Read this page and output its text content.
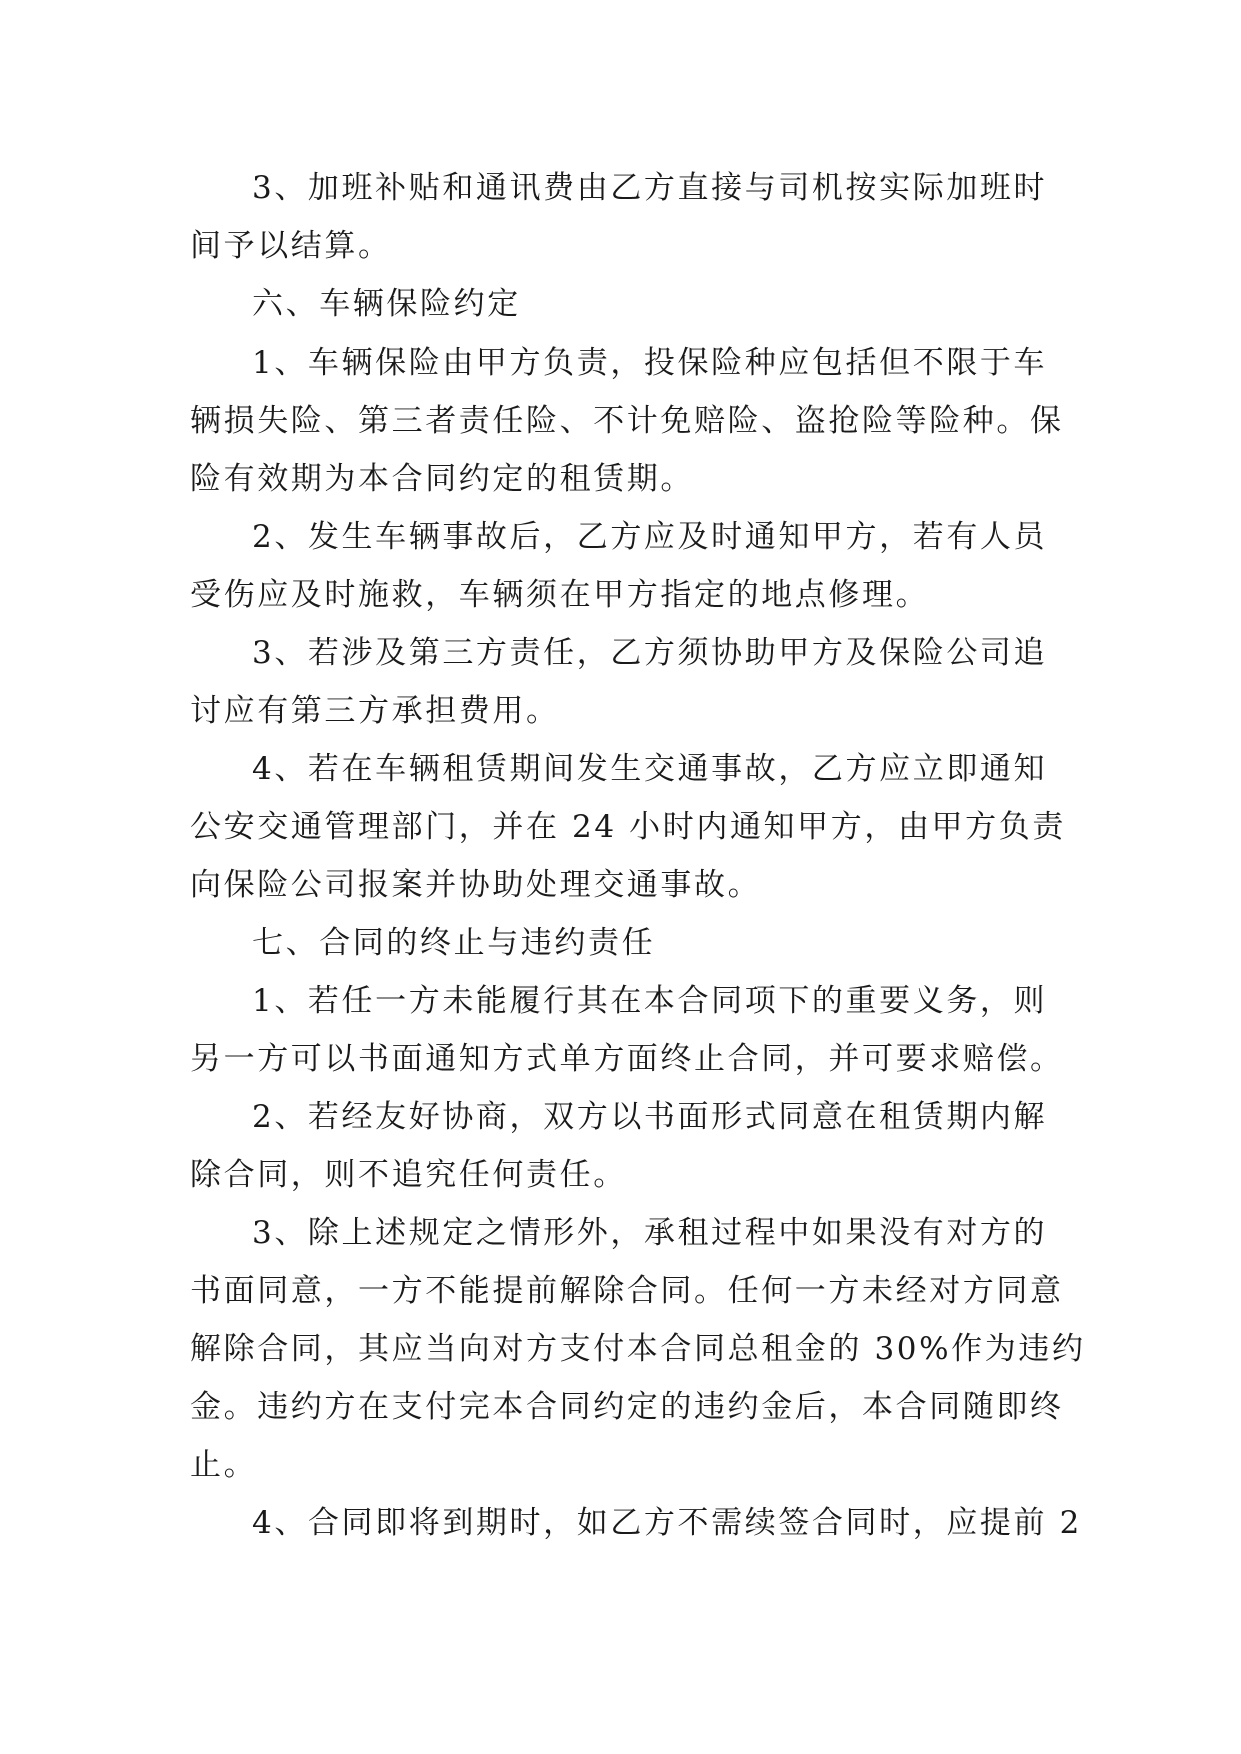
3、加班补贴和通讯费由乙方直接与司机按实际加班时
间予以结算。
六、车辆保险约定
1、车辆保险由甲方负责，投保险种应包括但不限于车
辆损失险、第三者责任险、不计免赔险、盗抢险等险种。保
险有效期为本合同约定的租赁期。
2、发生车辆事故后，乙方应及时通知甲方，若有人员
受伤应及时施救，车辆须在甲方指定的地点修理。
3、若涉及第三方责任，乙方须协助甲方及保险公司追
讨应有第三方承担费用。
4、若在车辆租赁期间发生交通事故，乙方应立即通知
公安交通管理部门，并在 24 小时内通知甲方，由甲方负责
向保险公司报案并协助处理交通事故。
七、合同的终止与违约责任
1、若任一方未能履行其在本合同项下的重要义务，则
另一方可以书面通知方式单方面终止合同，并可要求赔偿。
2、若经友好协商，双方以书面形式同意在租赁期内解
除合同，则不追究任何责任。
3、除上述规定之情形外，承租过程中如果没有对方的
书面同意，一方不能提前解除合同。任何一方未经对方同意
解除合同，其应当向对方支付本合同总租金的 30%作为违约
金。违约方在支付完本合同约定的违约金后，本合同随即终
止。
4、合同即将到期时，如乙方不需续签合同时，应提前 2
